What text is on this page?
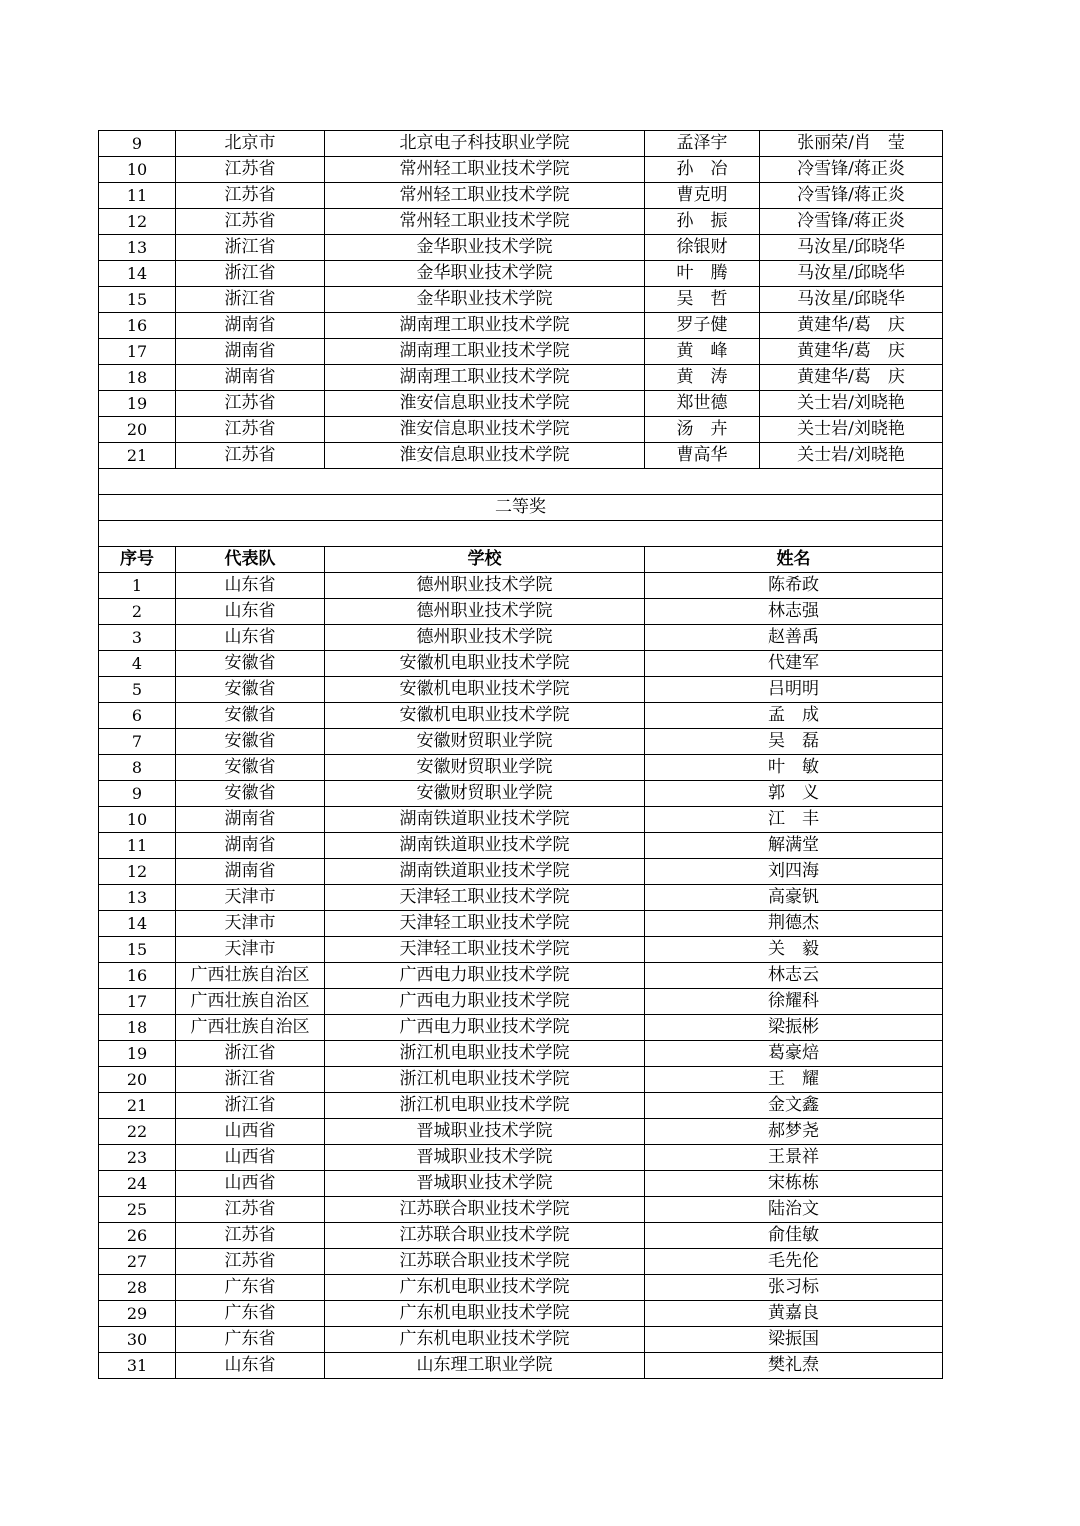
9	北京市	北京电子科技职业学院	孟泽宇	张丽荣/肖　莹
10	江苏省	常州轻工职业技术学院	孙　冶	冷雪锋/蒋正炎
11	江苏省	常州轻工职业技术学院	曹克明	冷雪锋/蒋正炎
12	江苏省	常州轻工职业技术学院	孙　振	冷雪锋/蒋正炎
13	浙江省	金华职业技术学院	徐银财	马汝星/邱晓华
14	浙江省	金华职业技术学院	叶　腾	马汝星/邱晓华
15	浙江省	金华职业技术学院	吴　哲	马汝星/邱晓华
16	湖南省	湖南理工职业技术学院	罗子健	黄建华/葛　庆
17	湖南省	湖南理工职业技术学院	黄　峰	黄建华/葛　庆
18	湖南省	湖南理工职业技术学院	黄　涛	黄建华/葛　庆
19	江苏省	淮安信息职业技术学院	郑世德	关士岩/刘晓艳
20	江苏省	淮安信息职业技术学院	汤　卉	关士岩/刘晓艳
21	江苏省	淮安信息职业技术学院	曹高华	关士岩/刘晓艳

二等奖				

序号	代表队	学校	姓名
1	山东省	德州职业技术学院	陈希政
2	山东省	德州职业技术学院	林志强
3	山东省	德州职业技术学院	赵善禹
4	安徽省	安徽机电职业技术学院	代建军
5	安徽省	安徽机电职业技术学院	吕明明
6	安徽省	安徽机电职业技术学院	孟　成
7	安徽省	安徽财贸职业学院	吴　磊
8	安徽省	安徽财贸职业学院	叶　敏
9	安徽省	安徽财贸职业学院	郭　义
10	湖南省	湖南铁道职业技术学院	江　丰
11	湖南省	湖南铁道职业技术学院	解满堂
12	湖南省	湖南铁道职业技术学院	刘四海
13	天津市	天津轻工职业技术学院	高豪钒
14	天津市	天津轻工职业技术学院	荆德杰
15	天津市	天津轻工职业技术学院	关　毅
16	广西壮族自治区	广西电力职业技术学院	林志云
17	广西壮族自治区	广西电力职业技术学院	徐耀科
18	广西壮族自治区	广西电力职业技术学院	梁振彬
19	浙江省	浙江机电职业技术学院	葛豪焙
20	浙江省	浙江机电职业技术学院	王　耀
21	浙江省	浙江机电职业技术学院	金文鑫
22	山西省	晋城职业技术学院	郝梦尧
23	山西省	晋城职业技术学院	王景祥
24	山西省	晋城职业技术学院	宋栋栋
25	江苏省	江苏联合职业技术学院	陆治文
26	江苏省	江苏联合职业技术学院	俞佳敏
27	江苏省	江苏联合职业技术学院	毛先伦
28	广东省	广东机电职业技术学院	张习标
29	广东省	广东机电职业技术学院	黄嘉良
30	广东省	广东机电职业技术学院	梁振国
31	山东省	山东理工职业学院	樊礼焘
